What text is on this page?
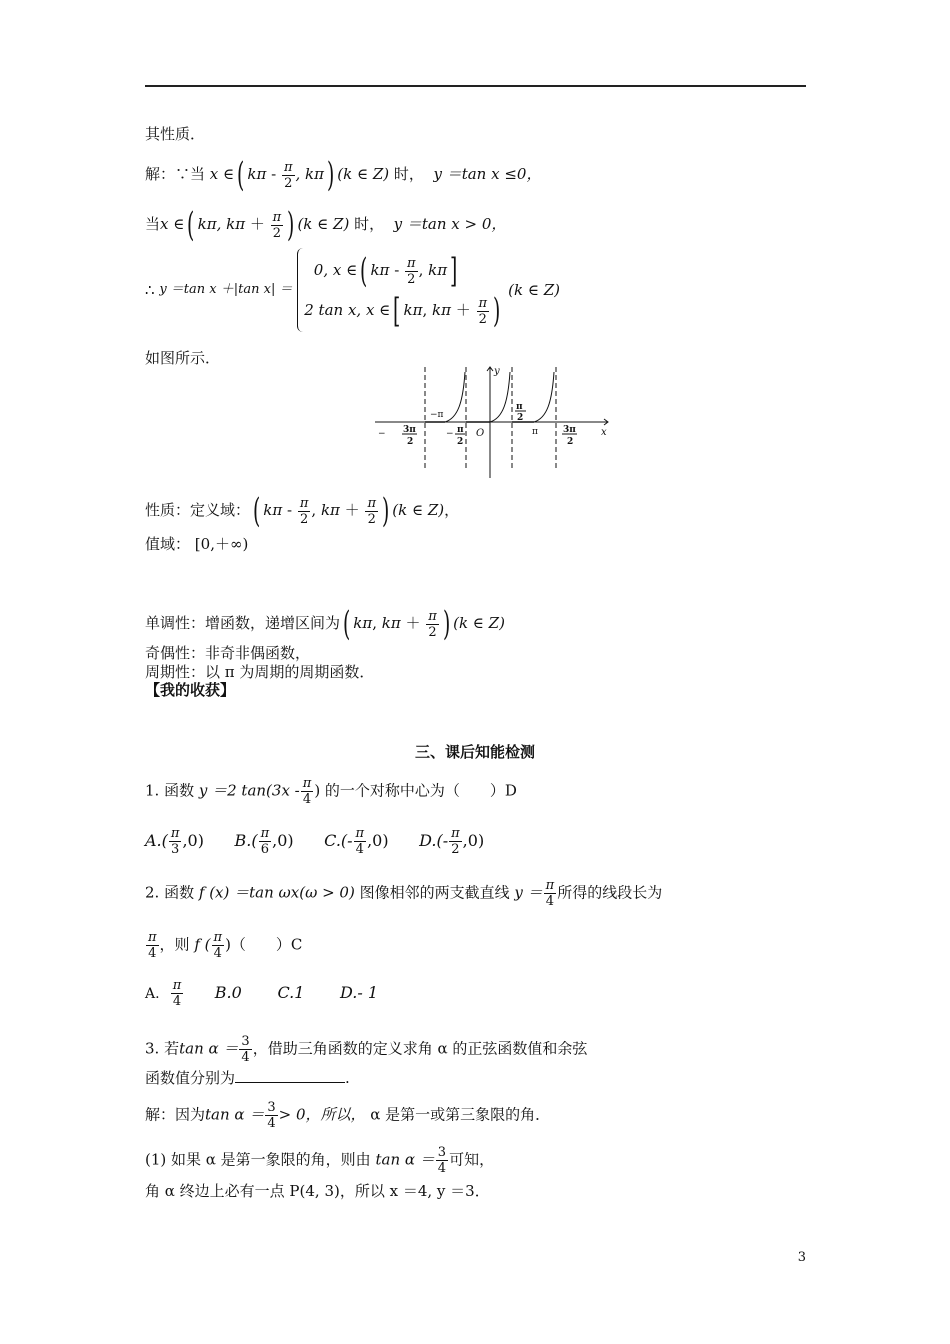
其性质．
解：∵当 x ∈( kπ - $\frac{\pi}{2}$ , kπ) (k ∈ Z) 时， y ＝tan x ≤0，
当x ∈( kπ, $k\pi + \frac{\pi}{2}$ ) (k ∈ Z) 时， y ＝tan x > 0，
∴ y ＝tan x ＋|tan x| ＝
0, x ∈( kπ - $\frac{\pi}{2}$ , kπ]
2 tan x, x ∈[ kπ, $k\pi + \frac{\pi}{2}$ )
(k ∈ Z)
如图所示．
x
y
O
−π
π
π
2
− 3π
2
− π
2
3π
2
性质：定义域：( kπ - $\frac{\pi}{2}$ , $k\pi + \frac{\pi}{2}$ ) (k ∈ Z)，
值域： [0,＋∞)
单调性：增函数，递增区间为( kπ, $k\pi + \frac{\pi}{2}$ ) (k ∈ Z)
奇偶性：非奇非偶函数，
周期性：以 π 为周期的周期函数．
【我的收获】
三、课后知能检测
1. 函数 y ＝2 $\tan(3x - \frac{\pi}{4}$ ) 的一个对称中心为（　　）D
$A.( \frac{\pi}{3} ,0)$ $B.( \frac{\pi}{6} ,0)$ $C.(- \frac{\pi}{4} ,0)$ $D.(- \frac{\pi}{2} ,0)$
2. 函数 f (x) ＝tan ωx(ω > 0) 图像相邻的两支截直线 $y = \frac{\pi}{4}$ 所得的线段长为
$\frac{\pi}{4}$ ，则 f ( $\frac{\pi}{4}$ )（　　）C
A. $\frac{\pi}{4} B.0$ C.1 D.- 1
3. 若$\tan \alpha = \frac{3}{4}$ ，借助三角函数的定义求角 α 的正弦函数值和余弦
函数值分别为	.
解：因为$\tan \alpha = \frac{3}{4} > 0$，所以， α 是第一或第三象限的角．
(1) 如果 α 是第一象限的角，则由 $\tan \alpha = \frac{3}{4}$ 可知，
角 α 终边上必有一点 P(4, 3)，所以 x ＝4, y ＝3．
3
